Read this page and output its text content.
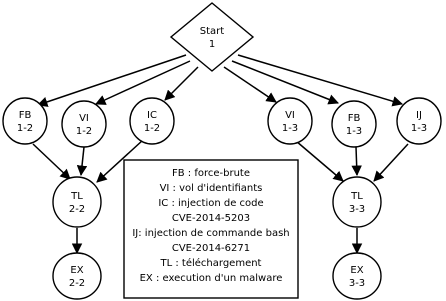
Start
1
FB
1-2
VI
1-2
IC
1-2
VI
1-3
FB
1-3
IJ
1-3
TL
2-2
TL
3-3
EX
2-2
EX
3-3
FB : force-brute
VI : vol d'identifiants
IC : injection de code
CVE-2014-5203
IJ: injection de commande bash
CVE-2014-6271
TL : téléchargement
EX : execution d'un malware
